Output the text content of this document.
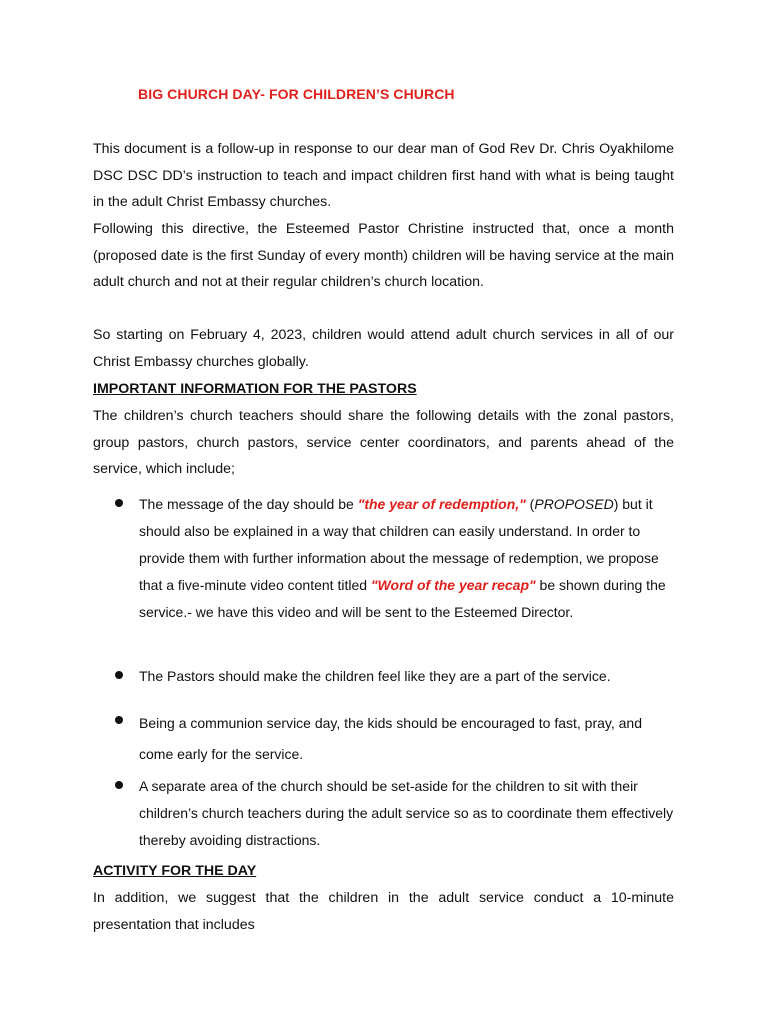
BIG CHURCH DAY- FOR CHILDREN’S CHURCH

This document is a follow-up in response to our dear man of God Rev Dr. Chris Oyakhilome DSC DSC DD’s instruction to teach and impact children first hand with what is being taught in the adult Christ Embassy churches.

Following this directive, the Esteemed Pastor Christine instructed that, once a month (proposed date is the first Sunday of every month) children will be having service at the main adult church and not at their regular children’s church location.

So starting on February 4, 2023, children would attend adult church services in all of our Christ Embassy churches globally.

IMPORTANT INFORMATION FOR THE PASTORS

The children’s church teachers should share the following details with the zonal pastors, group pastors, church pastors, service center coordinators, and parents ahead of the service, which include;

The message of the day should be "the year of redemption," (PROPOSED) but it should also be explained in a way that children can easily understand. In order to provide them with further information about the message of redemption, we propose that a five-minute video content titled "Word of the year recap" be shown during the service.- we have this video and will be sent to the Esteemed Director.
The Pastors should make the children feel like they are a part of the service.
Being a communion service day, the kids should be encouraged to fast, pray, and come early for the service.
A separate area of the church should be set-aside for the children to sit with their children’s church teachers during the adult service so as to coordinate them effectively thereby avoiding distractions.

ACTIVITY FOR THE DAY

In addition, we suggest that the children in the adult service conduct a 10-minute presentation that includes
